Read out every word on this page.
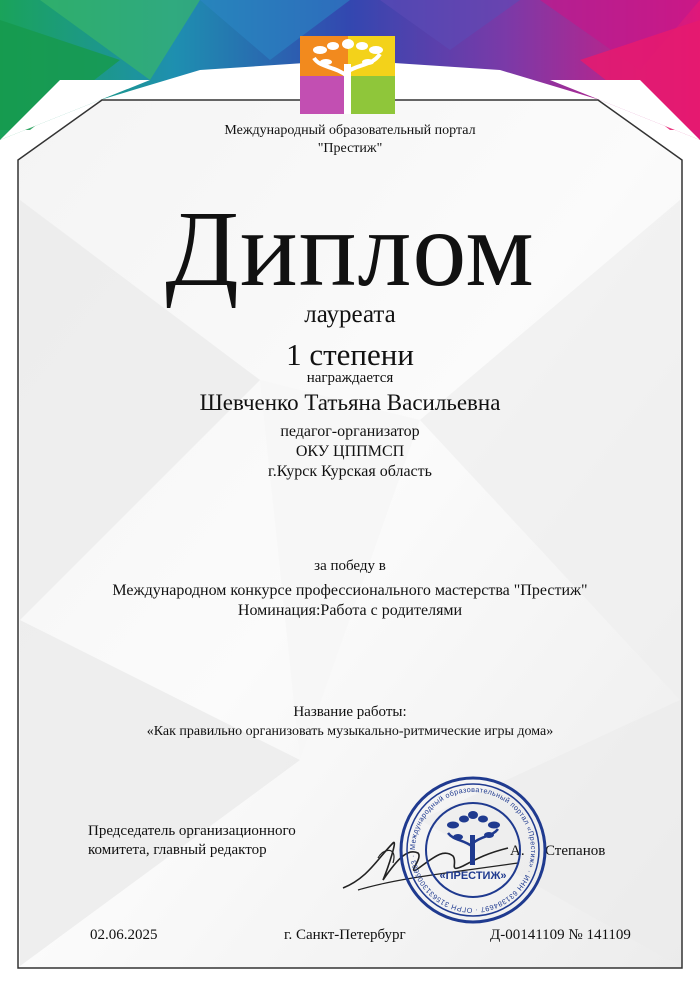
Международный образовательный портал
"Престиж"
Диплом
лауреата
1 степени
награждается
Шевченко Татьяна Васильевна
педагог-организатор
ОКУ ЦППМСП
г.Курск Курская область
за победу в
Международном конкурсе профессионального мастерства "Престиж"
Номинация:Работа с родителями
Название работы:
«Как правильно организовать музыкально-ритмические игры дома»
Председатель организационного
комитета, главный редактор	А. Степанов
Международный образовательный портал «Престиж» · ИНН 631384697 · ОГРН 3156313006603 ·
«ПРЕСТИЖ»
02.06.2025	г. Санкт-Петербург	Д-00141109 № 141109
